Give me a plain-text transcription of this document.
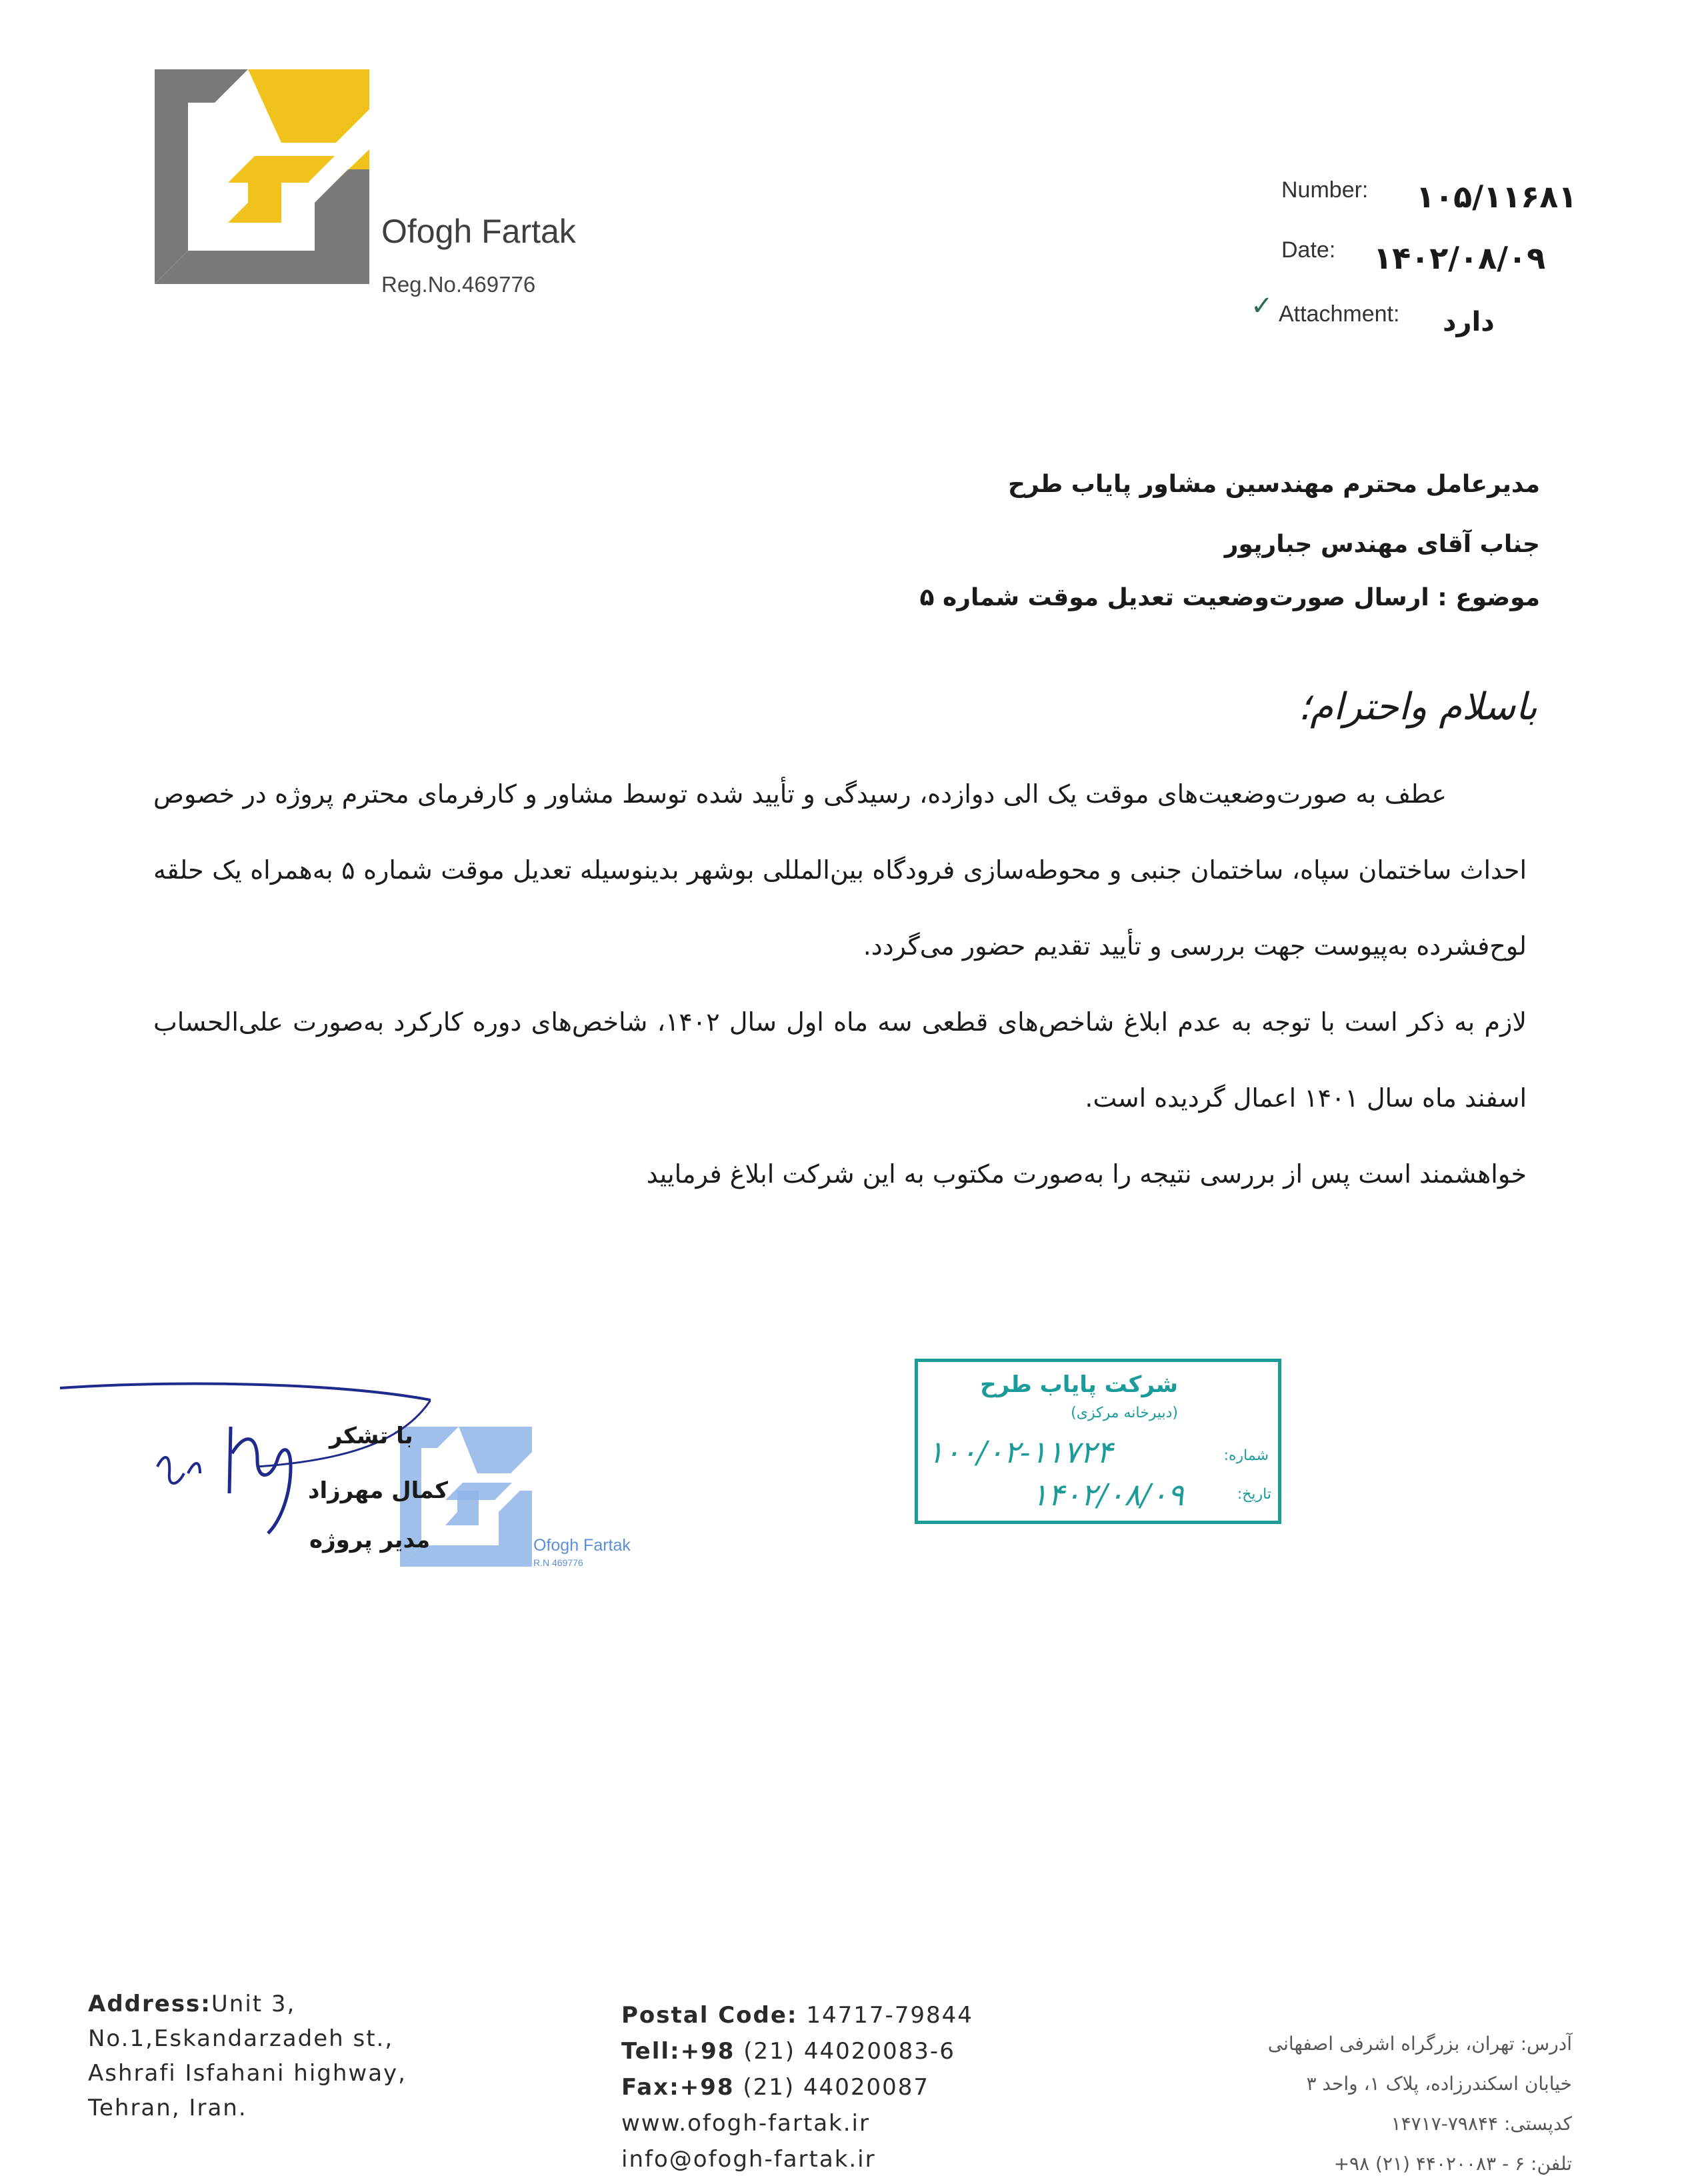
Ofogh Fartak
Reg.No.469776
Number: ۱۰۵/۱۱۶۸۱
Date: ۱۴۰۲/۰۸/۰۹
✓ Attachment: دارد
مدیرعامل محترم مهندسین مشاور پایاب طرح
جناب آقای مهندس جبارپور
موضوع : ارسال صورت‌وضعیت تعدیل موقت شماره ۵
باسلام واحترام؛
عطف به صورت‌وضعیت‌های موقت یک الی دوازده، رسیدگی و تأیید شده توسط مشاور و کارفرمای محترم پروژه در خصوص احداث ساختمان سپاه، ساختمان جنبی و محوطه‌سازی فرودگاه بین‌المللی بوشهر بدینوسیله تعدیل موقت شماره ۵ به‌همراه یک حلقه لوح‌فشرده به‌پیوست جهت بررسی و تأیید تقدیم حضور می‌گردد.
لازم به ذکر است با توجه به عدم ابلاغ شاخص‌های قطعی سه ماه اول سال ۱۴۰۲، شاخص‌های دوره کارکرد به‌صورت علی‌الحساب اسفند ماه سال ۱۴۰۱ اعمال گردیده است.
خواهشمند است پس از بررسی نتیجه را به‌صورت مکتوب به این شرکت ابلاغ فرمایید
Ofogh Fartak
R.N 469776
با تشکر
کمال مهرزاد
مدیر پروژه
شرکت پایاب طرح
(دبیرخانه مرکزی)
شماره:
۱۰۰/۰۲-۱۱۷۲۴
تاریخ:
۱۴۰۲/۰۸/۰۹
Address:Unit 3,
No.1,Eskandarzadeh st.,
Ashrafi Isfahani highway,
Tehran, Iran.
Postal Code: 14717-79844
Tell:+98 (21) 44020083-6
Fax:+98 (21) 44020087
www.ofogh-fartak.ir
info@ofogh-fartak.ir
آدرس: تهران، بزرگراه اشرفی اصفهانی
خیابان اسکندرزاده، پلاک ۱، واحد ۳
کدپستی: ۷۹۸۴۴-۱۴۷۱۷
تلفن: ۶ - ۴۴۰۲۰۰۸۳ (۲۱) ۹۸+
